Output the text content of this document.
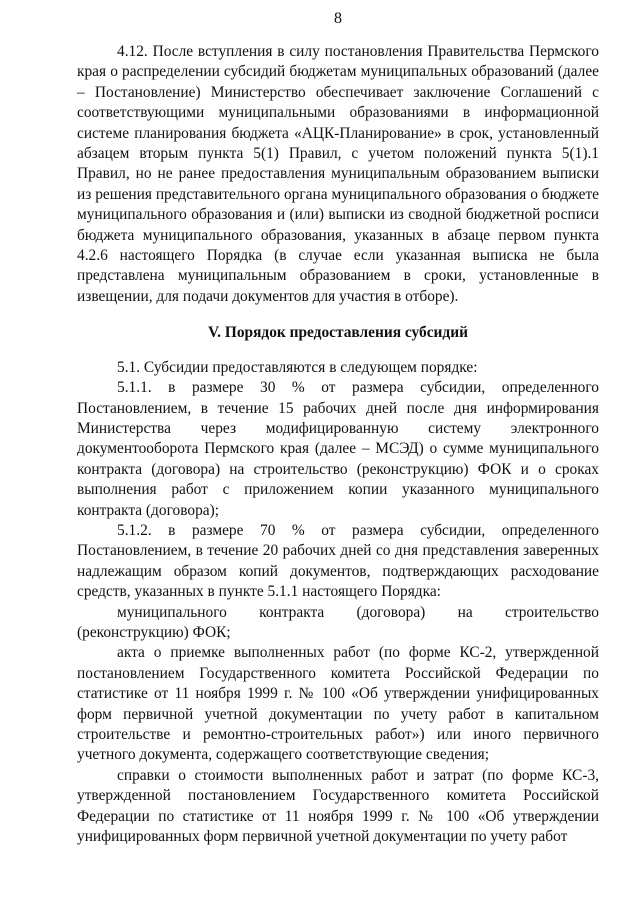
8

4.12. После вступления в силу постановления Правительства Пермского края о распределении субсидий бюджетам муниципальных образований (далее – Постановление) Министерство обеспечивает заключение Соглашений с соответствующими муниципальными образованиями в информационной системе планирования бюджета «АЦК-Планирование» в срок, установленный абзацем вторым пункта 5(1) Правил, с учетом положений пункта 5(1).1 Правил, но не ранее предоставления муниципальным образованием выписки из решения представительного органа муниципального образования о бюджете муниципального образования и (или) выписки из сводной бюджетной росписи бюджета муниципального образования, указанных в абзаце первом пункта 4.2.6 настоящего Порядка (в случае если указанная выписка не была представлена муниципальным образованием в сроки, установленные в извещении, для подачи документов для участия в отборе).

V. Порядок предоставления субсидий

5.1. Субсидии предоставляются в следующем порядке:

5.1.1. в размере 30 % от размера субсидии, определенного Постановлением, в течение 15 рабочих дней после дня информирования Министерства через модифицированную систему электронного документооборота Пермского края (далее – МСЭД) о сумме муниципального контракта (договора) на строительство (реконструкцию) ФОК и о сроках выполнения работ с приложением копии указанного муниципального контракта (договора);

5.1.2. в размере 70 % от размера субсидии, определенного Постановлением, в течение 20 рабочих дней со дня представления заверенных надлежащим образом копий документов, подтверждающих расходование средств, указанных в пункте 5.1.1 настоящего Порядка:

муниципального контракта (договора) на строительство (реконструкцию) ФОК;

акта о приемке выполненных работ (по форме КС-2, утвержденной постановлением Государственного комитета Российской Федерации по статистике от 11 ноября 1999 г. № 100 «Об утверждении унифицированных форм первичной учетной документации по учету работ в капитальном строительстве и ремонтно-строительных работ») или иного первичного учетного документа, содержащего соответствующие сведения;

справки о стоимости выполненных работ и затрат (по форме КС-3, утвержденной постановлением Государственного комитета Российской Федерации по статистике от 11 ноября 1999 г. № 100 «Об утверждении унифицированных форм первичной учетной документации по учету работ
